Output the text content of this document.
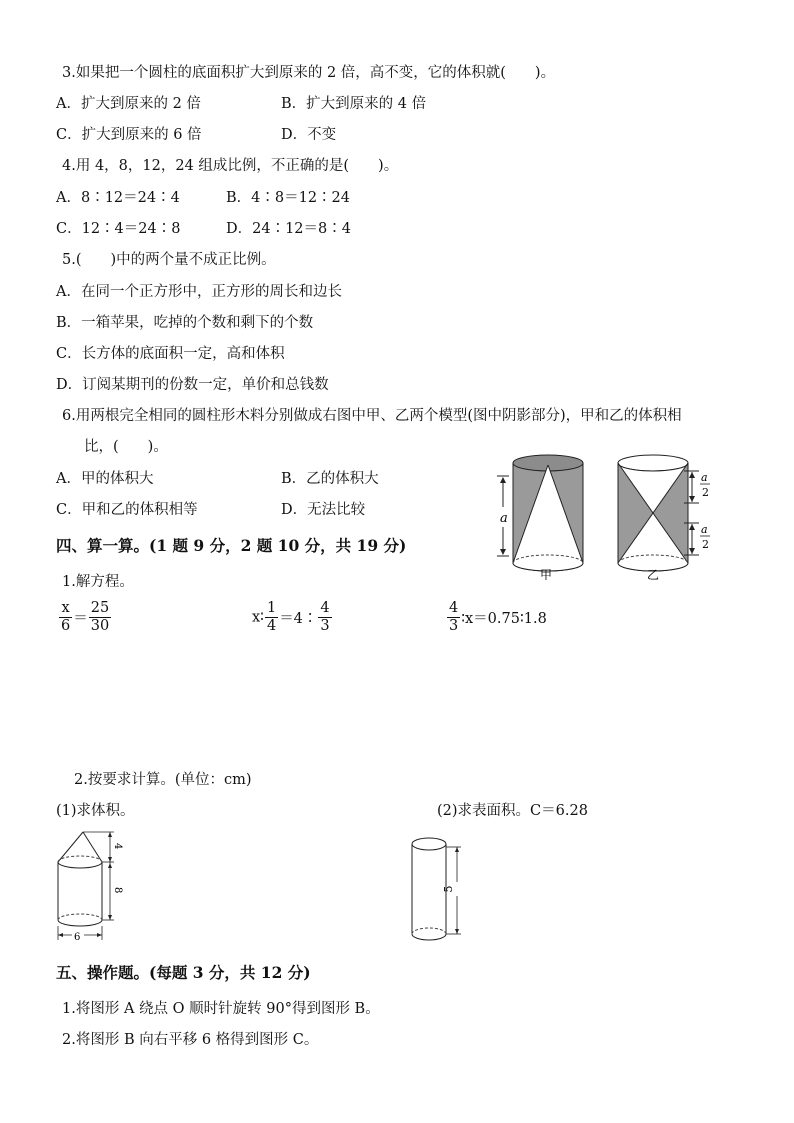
3.如果把一个圆柱的底面积扩大到原来的 2 倍，高不变，它的体积就(　　)。
A．扩大到原来的 2 倍	B．扩大到原来的 4 倍
C．扩大到原来的 6 倍	D．不变
4.用 4，8，12，24 组成比例，不正确的是(　　)。
A．8∶12＝24∶4	B．4∶8＝12∶24
C．12∶4＝24∶8	D．24∶12＝8∶4
5.(　　)中的两个量不成正比例。
A．在同一个正方形中，正方形的周长和边长
B．一箱苹果，吃掉的个数和剩下的个数
C．长方体的底面积一定，高和体积
D．订阅某期刊的份数一定，单价和总钱数
6.用两根完全相同的圆柱形木料分别做成右图中甲、乙两个模型(图中阴影部分)，甲和乙的体积相
比，(　　)。
A．甲的体积大	B．乙的体积大
C．甲和乙的体积相等	D．无法比较
a
甲
a
2
a
2
乙
四、算一算。(1 题 9 分，2 题 10 分，共 19 分)
1.解方程。
$\frac{x}{6} = \frac{25}{30}$	x∶ $\frac{1}{4}$ ＝4∶ $\frac{4}{3}$	$\frac{4}{3}$ ∶x＝0.75∶1.8
2.按要求计算。(单位：cm)
(1)求体积。	(2)求表面积。C＝6.28
4
8
6
5
五、操作题。(每题 3 分，共 12 分)
1.将图形 A 绕点 O 顺时针旋转 90°得到图形 B。
2.将图形 B 向右平移 6 格得到图形 C。
